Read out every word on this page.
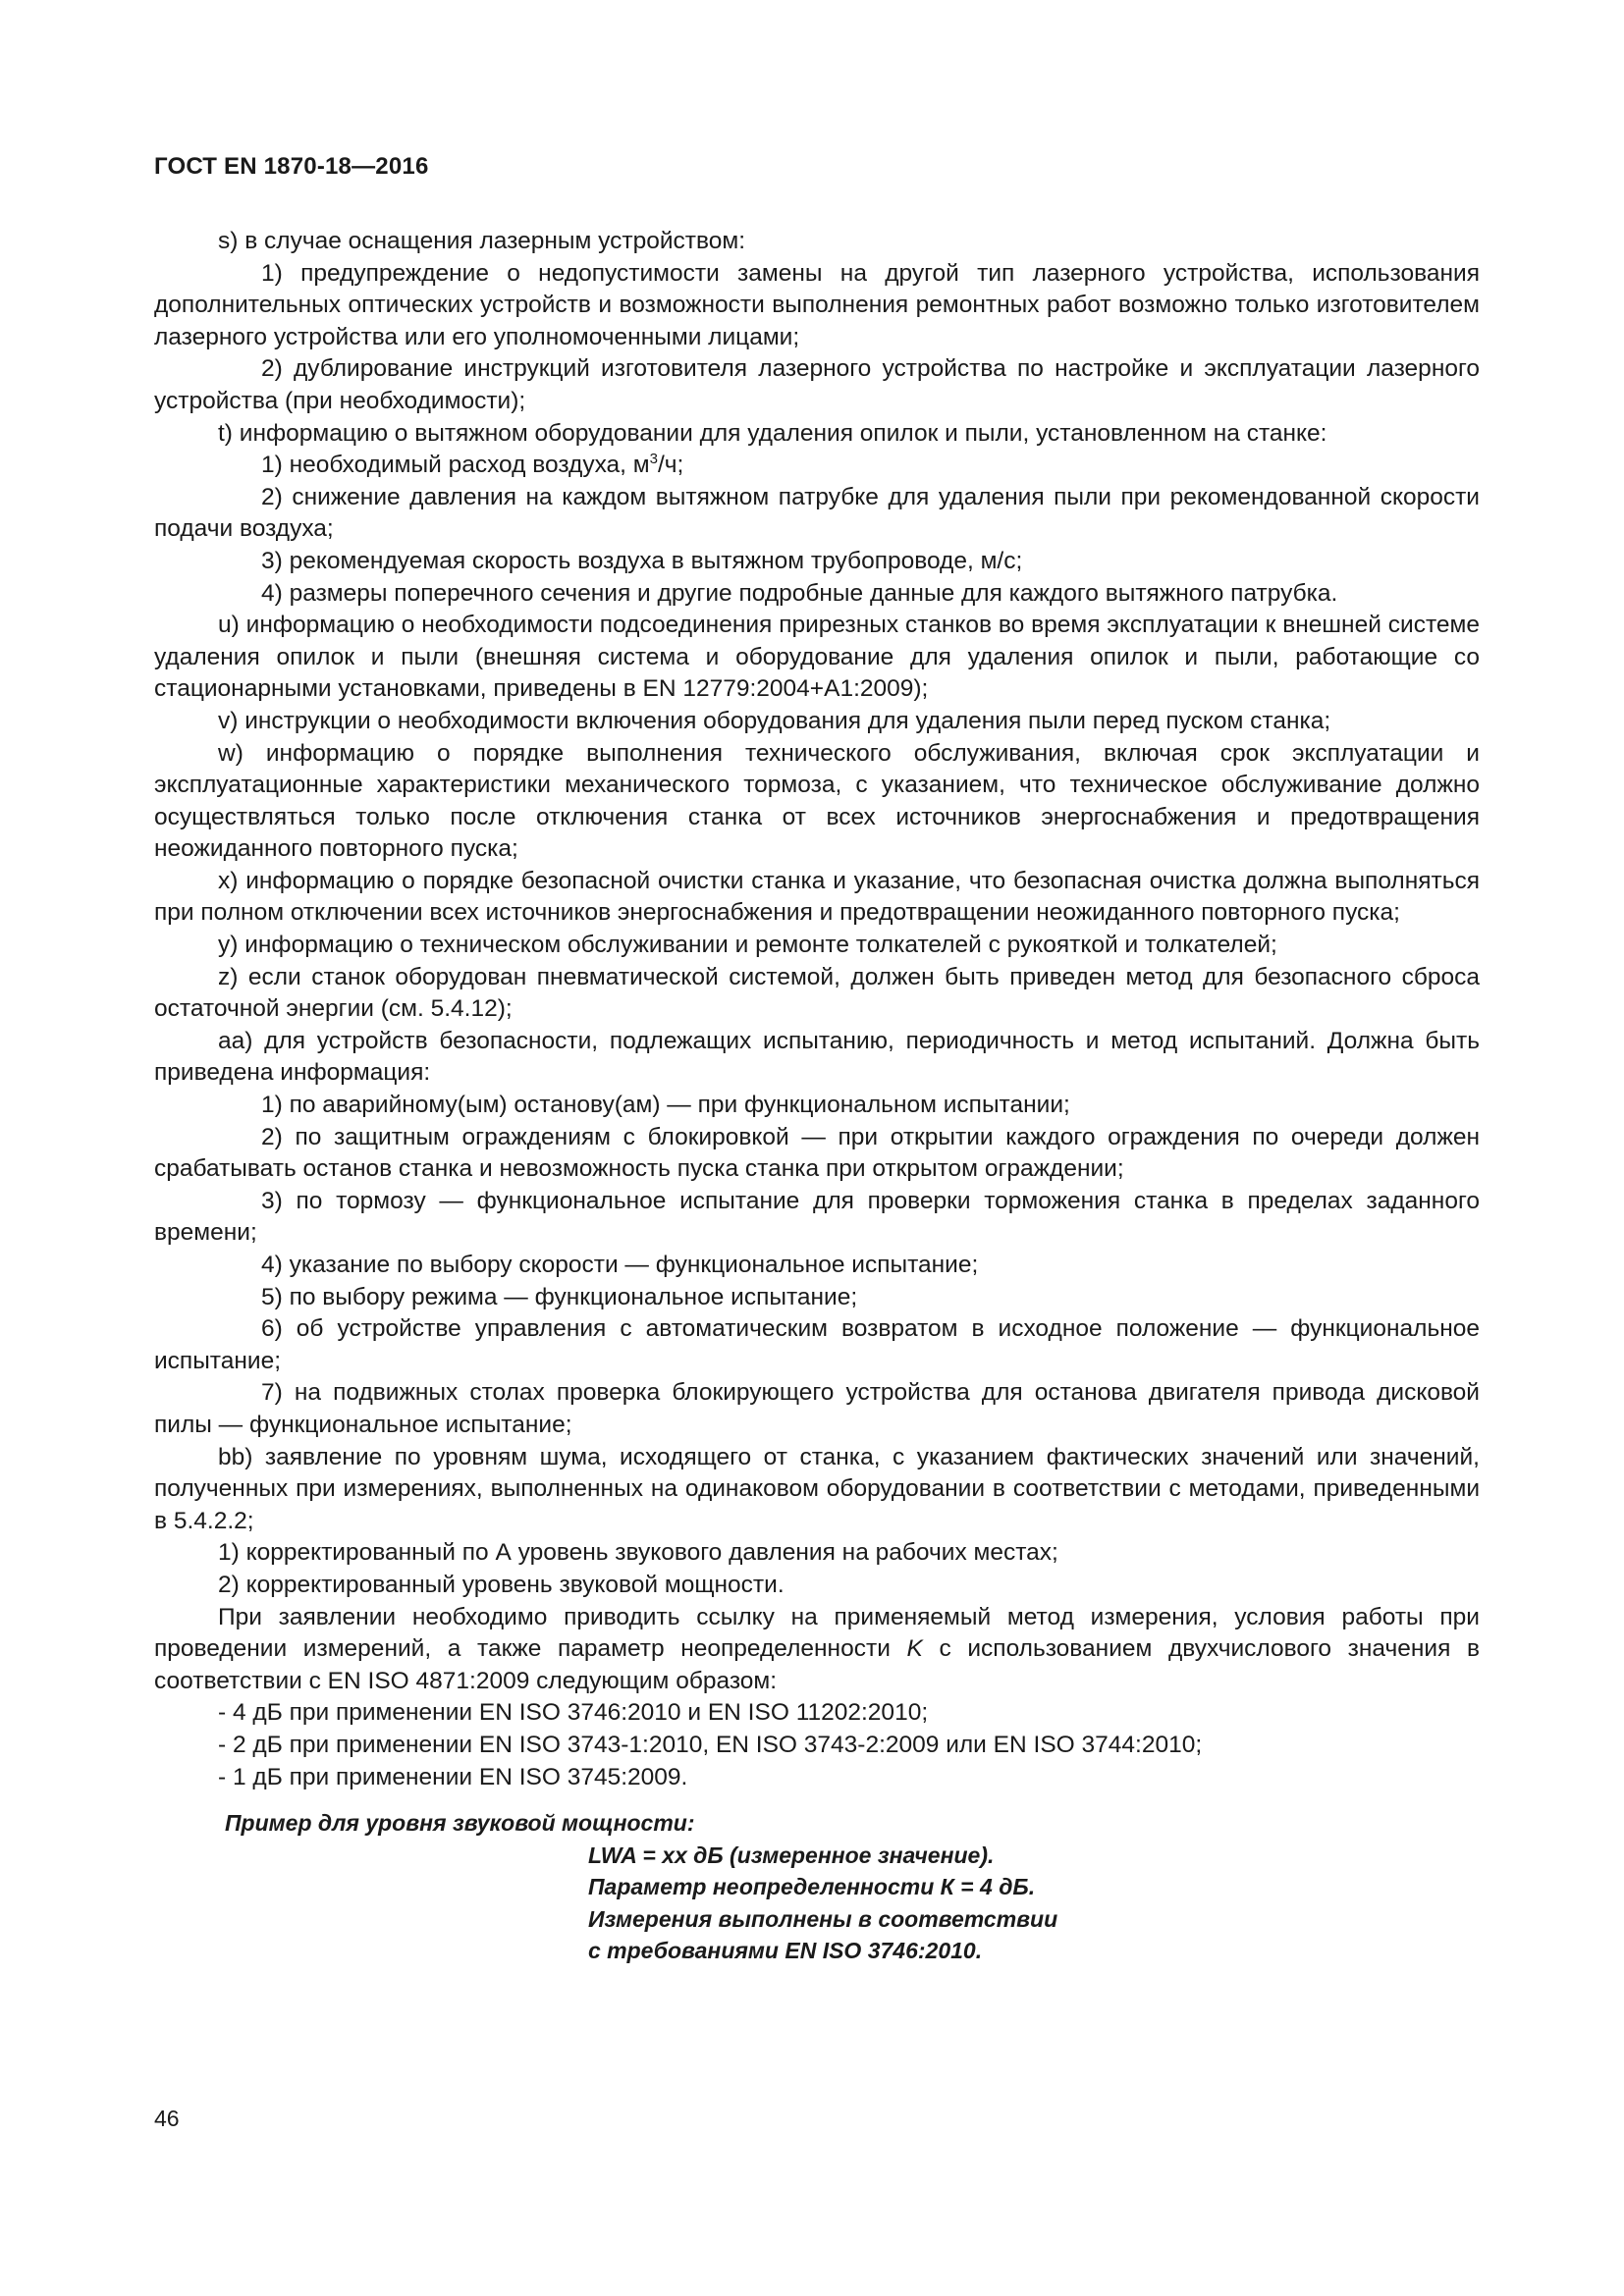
ГОСТ EN 1870-18—2016

s) в случае оснащения лазерным устройством:

1) предупреждение о недопустимости замены на другой тип лазерного устройства, использования дополнительных оптических устройств и возможности выполнения ремонтных работ возможно только изготовителем лазерного устройства или его уполномоченными лицами;

2) дублирование инструкций изготовителя лазерного устройства по настройке и эксплуатации лазерного устройства (при необходимости);

t) информацию о вытяжном оборудовании для удаления опилок и пыли, установленном на станке:

1) необходимый расход воздуха, $м^3/ч$;

2) снижение давления на каждом вытяжном патрубке для удаления пыли при рекомендованной скорости подачи воздуха;

3) рекомендуемая скорость воздуха в вытяжном трубопроводе, м/с;

4) размеры поперечного сечения и другие подробные данные для каждого вытяжного патрубка.

u) информацию о необходимости подсоединения прирезных станков во время эксплуатации к внешней системе удаления опилок и пыли (внешняя система и оборудование для удаления опилок и пыли, работающие со стационарными установками, приведены в EN 12779:2004+A1:2009);

v) инструкции о необходимости включения оборудования для удаления пыли перед пуском станка;

w) информацию о порядке выполнения технического обслуживания, включая срок эксплуатации и эксплуатационные характеристики механического тормоза, с указанием, что техническое обслуживание должно осуществляться только после отключения станка от всех источников энергоснабжения и предотвращения неожиданного повторного пуска;

x) информацию о порядке безопасной очистки станка и указание, что безопасная очистка должна выполняться при полном отключении всех источников энергоснабжения и предотвращении неожиданного повторного пуска;

y) информацию о техническом обслуживании и ремонте толкателей с рукояткой и толкателей;

z) если станок оборудован пневматической системой, должен быть приведен метод для безопасного сброса остаточной энергии (см. 5.4.12);

aa) для устройств безопасности, подлежащих испытанию, периодичность и метод испытаний. Должна быть приведена информация:

1) по аварийному(ым) останову(ам) — при функциональном испытании;

2) по защитным ограждениям с блокировкой — при открытии каждого ограждения по очереди должен срабатывать останов станка и невозможность пуска станка при открытом ограждении;

3) по тормозу — функциональное испытание для проверки торможения станка в пределах заданного времени;

4) указание по выбору скорости — функциональное испытание;

5) по выбору режима — функциональное испытание;

6) об устройстве управления с автоматическим возвратом в исходное положение — функциональное испытание;

7) на подвижных столах проверка блокирующего устройства для останова двигателя привода дисковой пилы — функциональное испытание;

bb) заявление по уровням шума, исходящего от станка, с указанием фактических значений или значений, полученных при измерениях, выполненных на одинаковом оборудовании в соответствии с методами, приведенными в 5.4.2.2;

1) корректированный по А уровень звукового давления на рабочих местах;

2) корректированный уровень звуковой мощности.

При заявлении необходимо приводить ссылку на применяемый метод измерения, условия работы при проведении измерений, а также параметр неопределенности K с использованием двухчислового значения в соответствии с EN ISO 4871:2009 следующим образом:

- 4 дБ при применении EN ISO 3746:2010 и EN ISO 11202:2010;

- 2 дБ при применении EN ISO 3743-1:2010, EN ISO 3743-2:2009 или EN ISO 3744:2010;

- 1 дБ при применении EN ISO 3745:2009.

Пример для уровня звуковой мощности:

LWA = xx дБ (измеренное значение).

Параметр неопределенности К = 4 дБ.

Измерения выполнены в соответствии

с требованиями EN ISO 3746:2010.

46
